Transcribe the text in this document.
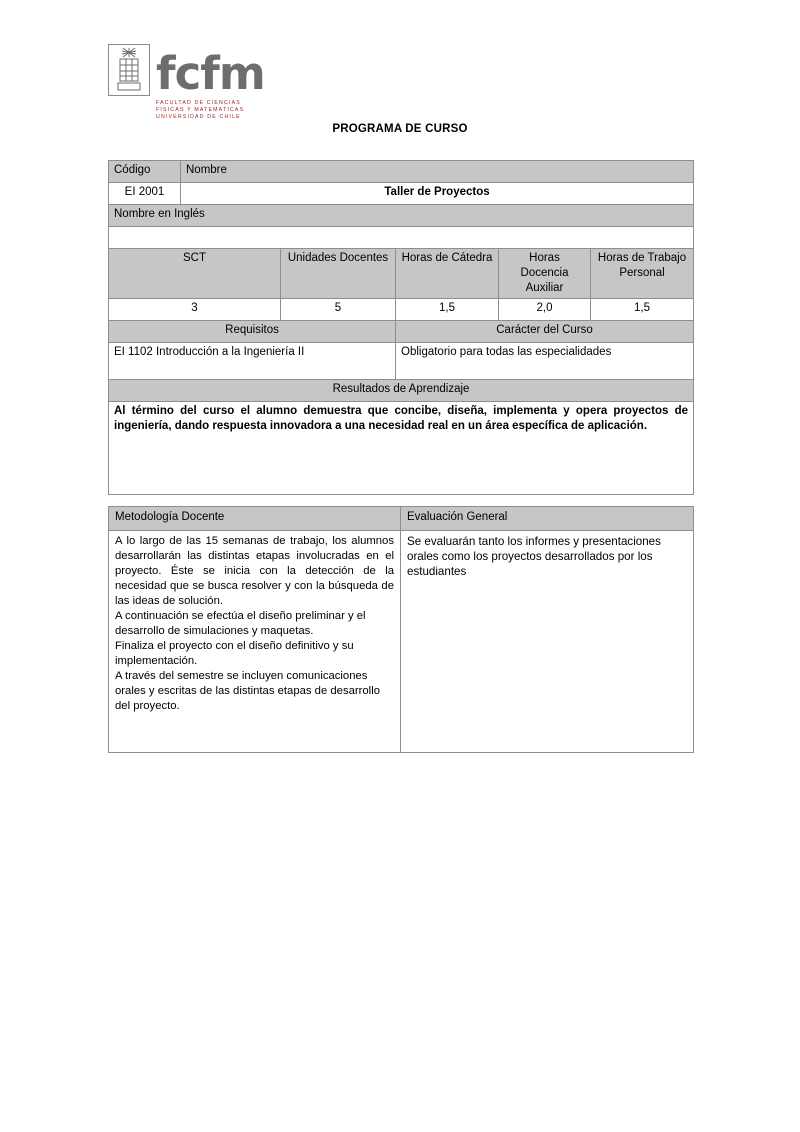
fcfm
FACULTAD DE CIENCIAS
FISICAS Y MATEMATICAS
UNIVERSIDAD DE CHILE
PROGRAMA DE CURSO
Código	Nombre				
EI 2001	Taller de Proyectos				
Nombre en Inglés					

SCT		Unidades Docentes	Horas de Cátedra	Horas Docencia Auxiliar	Horas de Trabajo Personal
3		5	1,5	2,0	1,5
Requisitos			Carácter del Curso		
EI 1102 Introducción a la Ingeniería II			Obligatorio para todas las especialidades		
Resultados de Aprendizaje					
Al término del curso el alumno demuestra que concibe, diseña, implementa y opera proyectos de ingeniería, dando respuesta innovadora a una necesidad real en un área específica de aplicación.					
Metodología Docente	Evaluación General

A lo largo de las 15 semanas de trabajo, los alumnos desarrollarán las distintas etapas involucradas en el proyecto. Éste se inicia con la detección de la necesidad que se busca resolver y con la búsqueda de las ideas de solución.

A continuación se efectúa el diseño preliminar y el desarrollo de simulaciones y maquetas.

Finaliza el proyecto con el diseño definitivo y su implementación.

A través del semestre se incluyen comunicaciones orales y escritas de las distintas etapas de desarrollo del proyecto.	Se evaluarán tanto los informes y presentaciones orales como los proyectos desarrollados por los estudiantes
